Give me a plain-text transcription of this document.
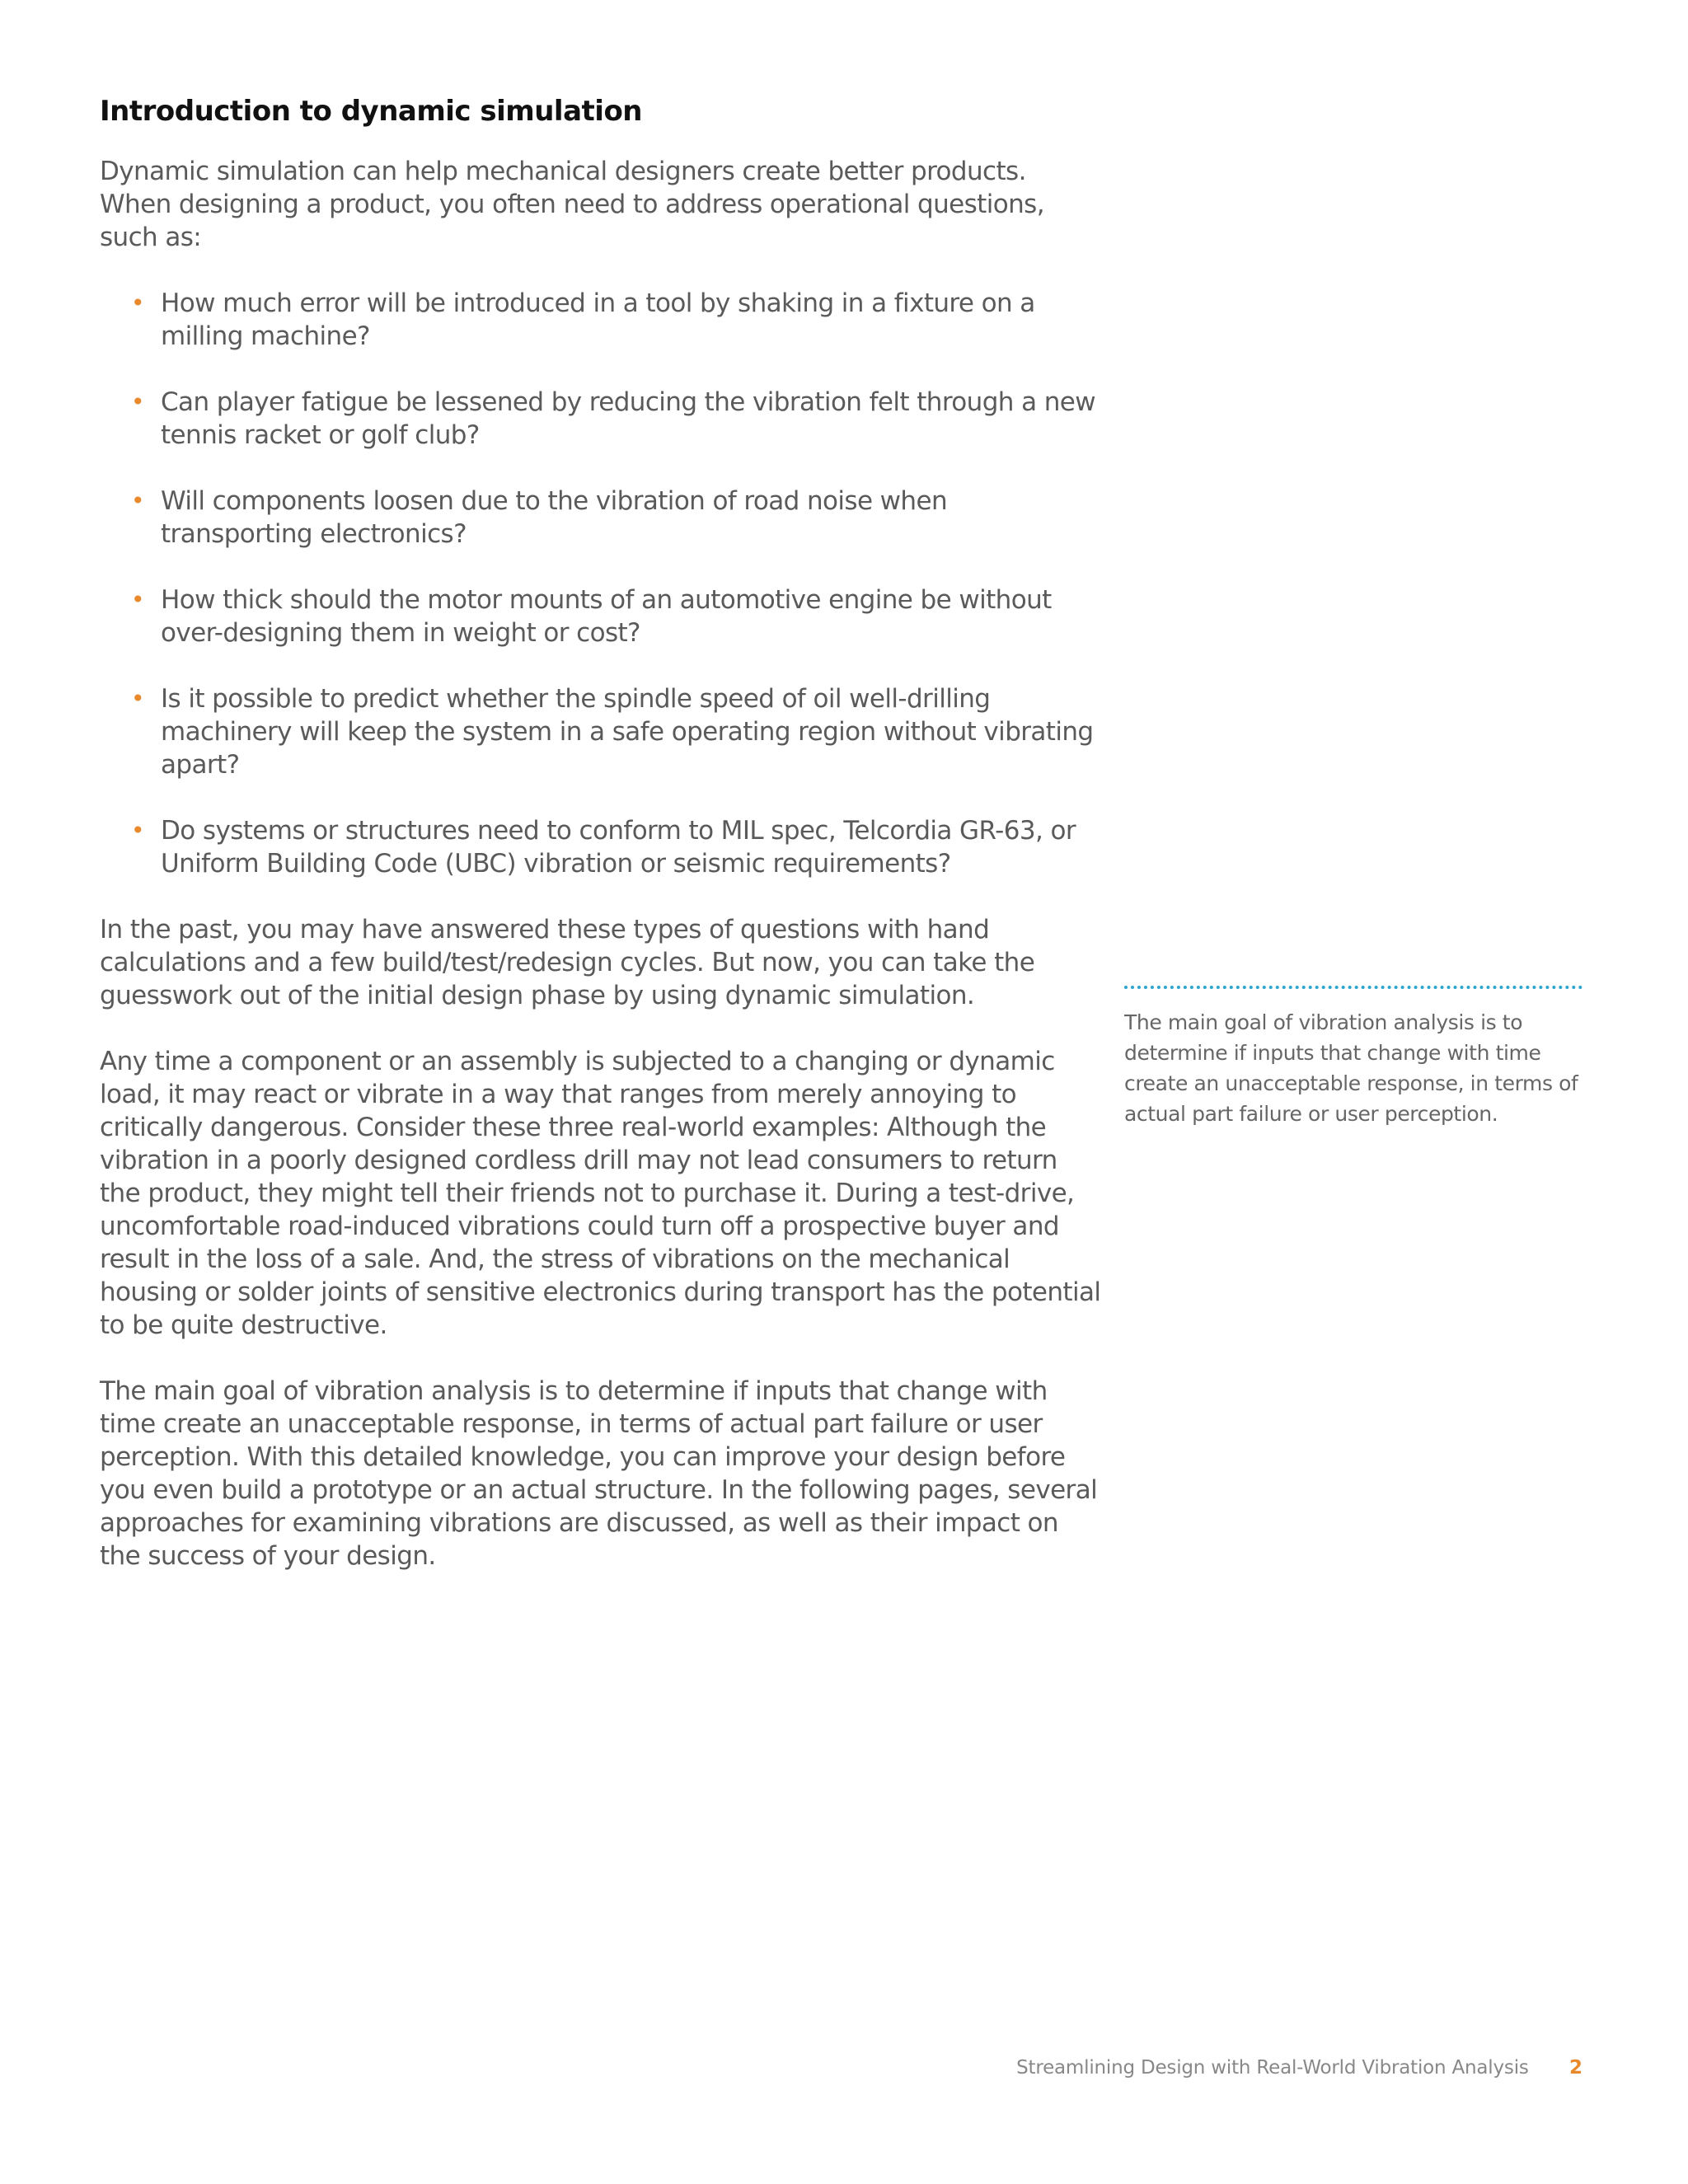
Introduction to dynamic simulation

Dynamic simulation can help mechanical designers create better products. When designing a product, you often need to address operational questions, such as:

• How much error will be introduced in a tool by shaking in a fixture on a milling machine?
• Can player fatigue be lessened by reducing the vibration felt through a new tennis racket or golf club?
• Will components loosen due to the vibration of road noise when transporting electronics?
• How thick should the motor mounts of an automotive engine be without over-designing them in weight or cost?
• Is it possible to predict whether the spindle speed of oil well-drilling machinery will keep the system in a safe operating region without vibrating apart?
• Do systems or structures need to conform to MIL spec, Telcordia GR-63, or Uniform Building Code (UBC) vibration or seismic requirements?

In the past, you may have answered these types of questions with hand calculations and a few build/test/redesign cycles. But now, you can take the guesswork out of the initial design phase by using dynamic simulation.

Any time a component or an assembly is subjected to a changing or dynamic load, it may react or vibrate in a way that ranges from merely annoying to critically dangerous. Consider these three real-world examples: Although the vibration in a poorly designed cordless drill may not lead consumers to return the product, they might tell their friends not to purchase it. During a test-drive, uncomfortable road-induced vibrations could turn off a prospective buyer and result in the loss of a sale. And, the stress of vibrations on the mechanical housing or solder joints of sensitive electronics during transport has the potential to be quite destructive.

The main goal of vibration analysis is to determine if inputs that change with time create an unacceptable response, in terms of actual part failure or user perception. With this detailed knowledge, you can improve your design before you even build a prototype or an actual structure. In the following pages, several approaches for examining vibrations are discussed, as well as their impact on the success of your design.

The main goal of vibration analysis is to determine if inputs that change with time create an unacceptable response, in terms of actual part failure or user perception.

Streamlining Design with Real-World Vibration Analysis 2
